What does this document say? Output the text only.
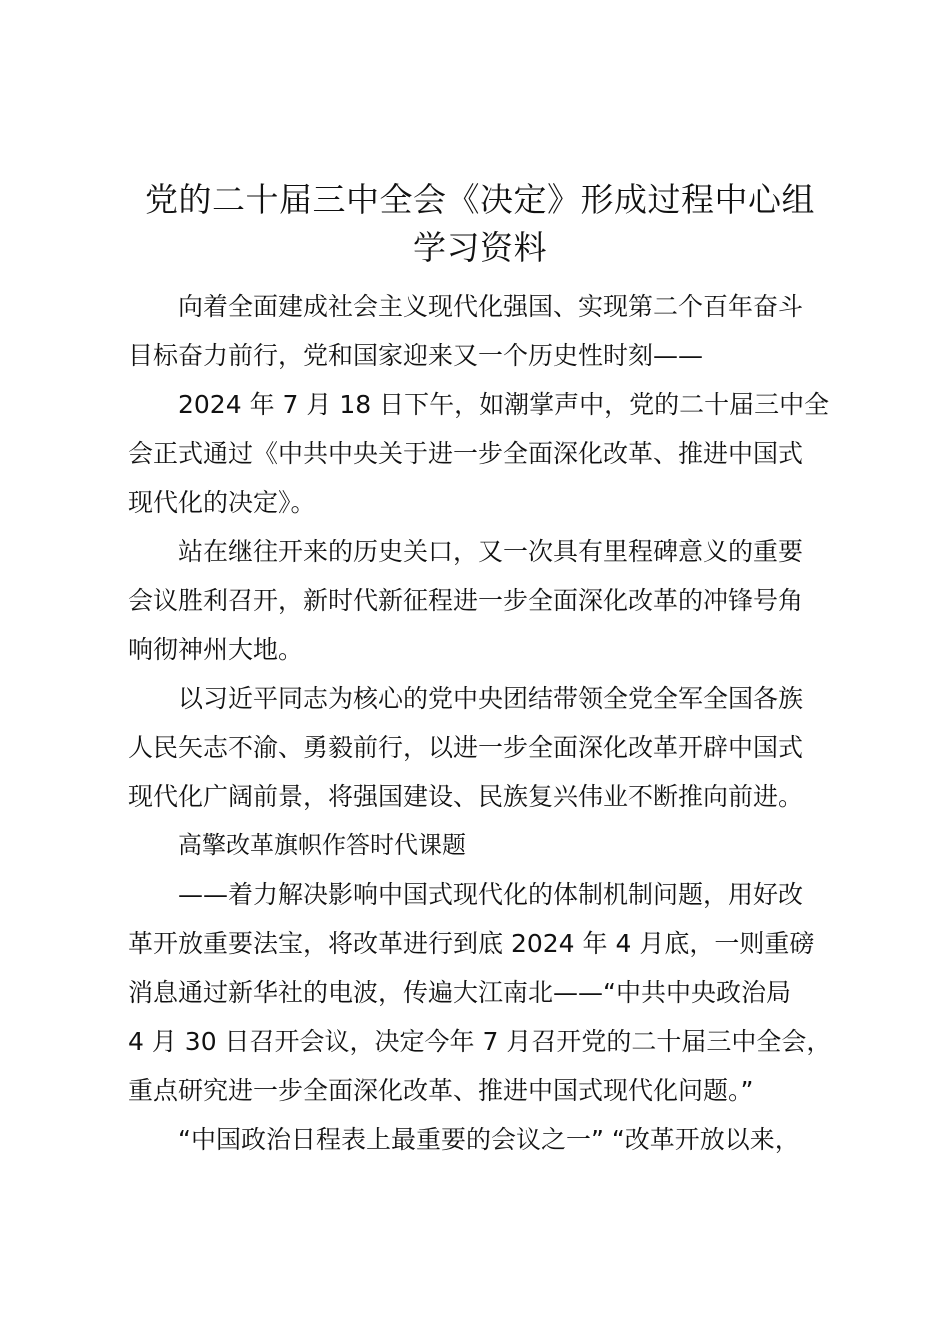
党的二十届三中全会《决定》形成过程中心组
学习资料
向着全面建成社会主义现代化强国、实现第二个百年奋斗
目标奋力前行，党和国家迎来又一个历史性时刻——
2024 年 7 月 18 日下午，如潮掌声中，党的二十届三中全
会正式通过《中共中央关于进一步全面深化改革、推进中国式
现代化的决定》。
站在继往开来的历史关口，又一次具有里程碑意义的重要
会议胜利召开，新时代新征程进一步全面深化改革的冲锋号角
响彻神州大地。
以习近平同志为核心的党中央团结带领全党全军全国各族
人民矢志不渝、勇毅前行，以进一步全面深化改革开辟中国式
现代化广阔前景，将强国建设、民族复兴伟业不断推向前进。
高擎改革旗帜作答时代课题
——着力解决影响中国式现代化的体制机制问题，用好改
革开放重要法宝，将改革进行到底 2024 年 4 月底，一则重磅
消息通过新华社的电波，传遍大江南北——“中共中央政治局
4 月 30 日召开会议，决定今年 7 月召开党的二十届三中全会，
重点研究进一步全面深化改革、推进中国式现代化问题。”
“中国政治日程表上最重要的会议之一” “改革开放以来，
